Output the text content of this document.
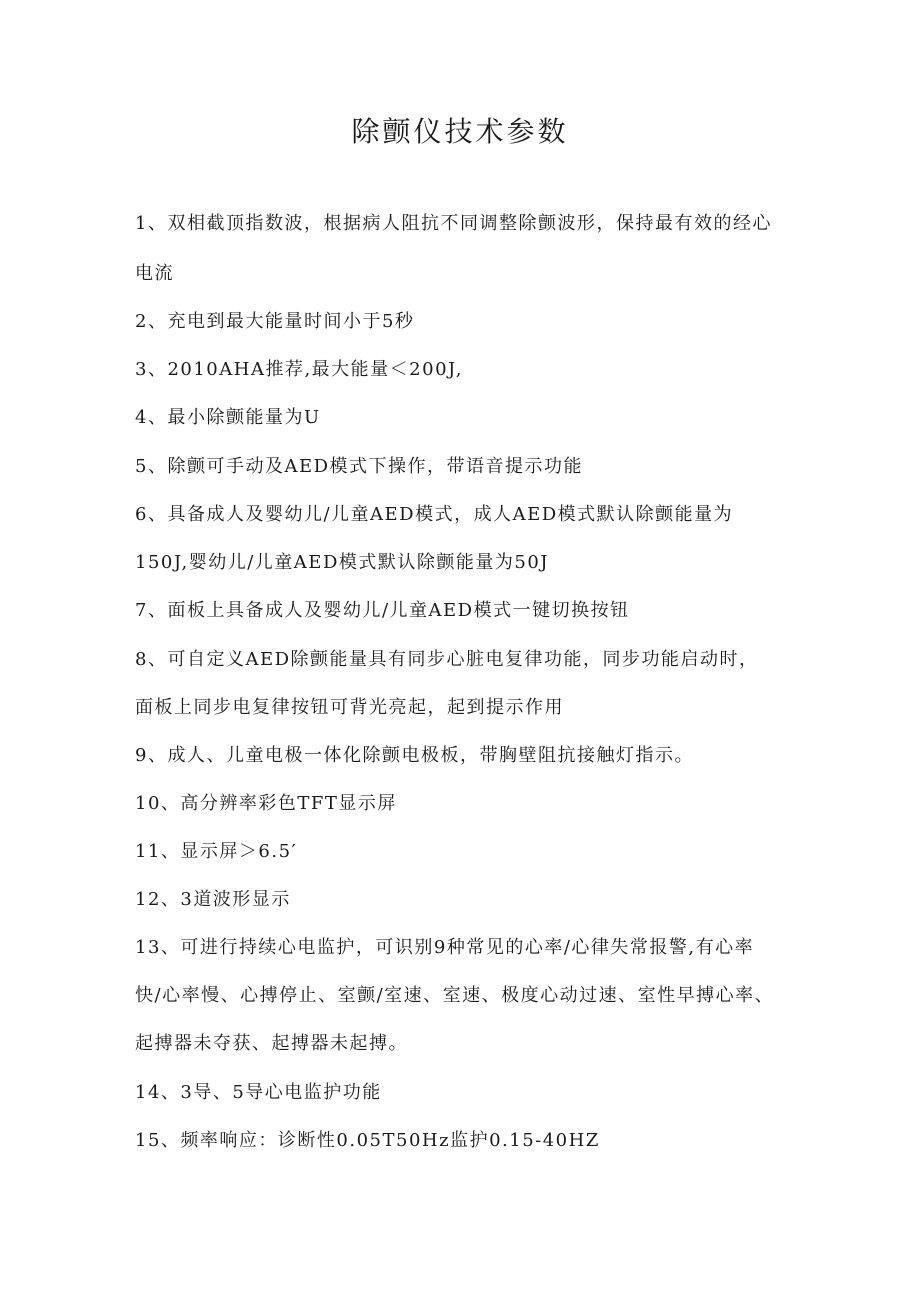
除颤仪技术参数
1、双相截顶指数波，根据病人阻抗不同调整除颤波形，保持最有效的经心
电流
2、充电到最大能量时间小于5秒
3、2010AHA推荐,最大能量＜200J,
4、最小除颤能量为U
5、除颤可手动及AED模式下操作，带语音提示功能
6、具备成人及婴幼儿/儿童AED模式，成人AED模式默认除颤能量为
150J,婴幼儿/儿童AED模式默认除颤能量为50J
7、面板上具备成人及婴幼儿/儿童AED模式一键切换按钮
8、可自定义AED除颤能量具有同步心脏电复律功能，同步功能启动时，
面板上同步电复律按钮可背光亮起，起到提示作用
9、成人、儿童电极一体化除颤电极板，带胸壁阻抗接触灯指示。
10、高分辨率彩色TFT显示屏
11、显示屏＞6.5′
12、3道波形显示
13、可进行持续心电监护，可识别9种常见的心率/心律失常报警,有心率
快/心率慢、心搏停止、室颤/室速、室速、极度心动过速、室性早搏心率、
起搏器未夺获、起搏器未起搏。
14、3导、5导心电监护功能
15、频率响应：诊断性0.05T50Hz监护0.15-40HZ
